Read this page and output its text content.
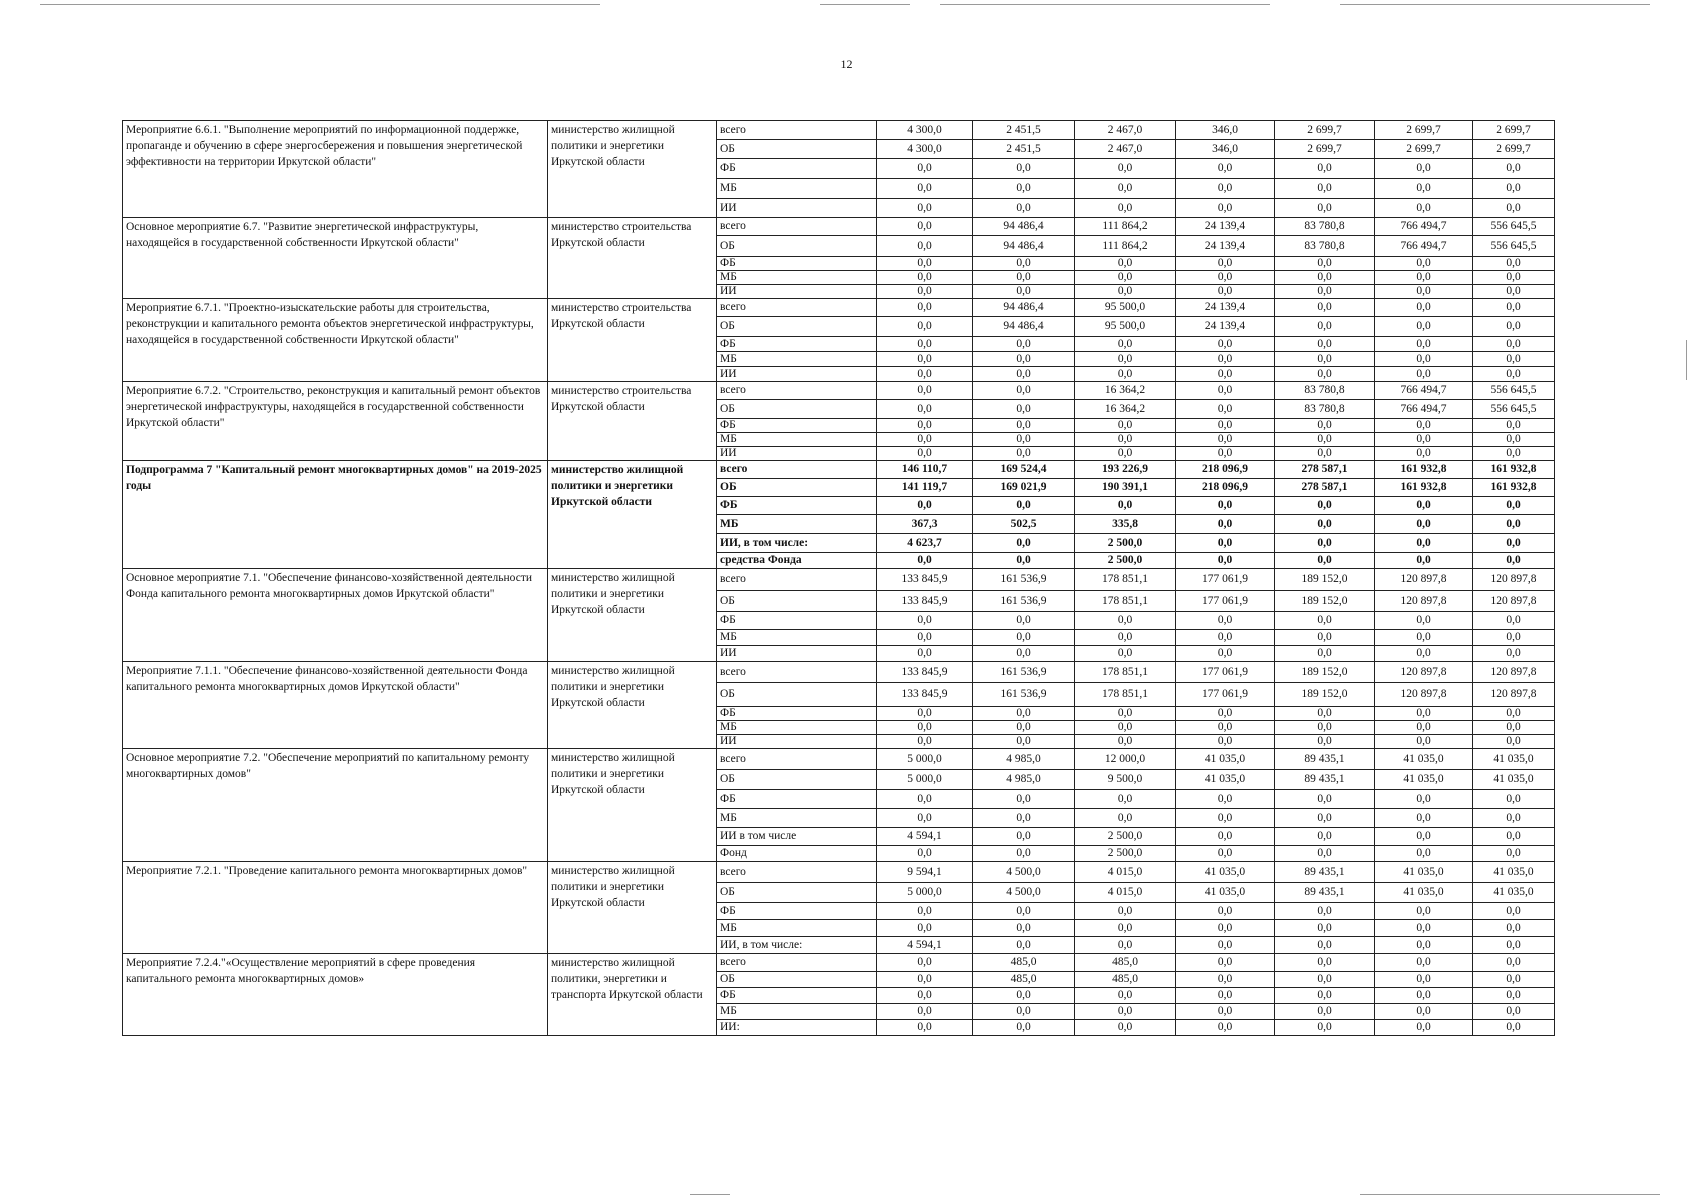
12
Мероприятие 6.6.1. "Выполнение мероприятий по информационной поддержке, пропаганде и обучению в сфере энергосбережения и повышения энергетической эффективности на территории Иркутской области"	министерство жилищной политики и энергетики Иркутской области	всего	4 300,0	2 451,5	2 467,0	346,0	2 699,7	2 699,7	2 699,7
		ОБ	4 300,0	2 451,5	2 467,0	346,0	2 699,7	2 699,7	2 699,7
		ФБ	0,0	0,0	0,0	0,0	0,0	0,0	0,0
		МБ	0,0	0,0	0,0	0,0	0,0	0,0	0,0
		ИИ	0,0	0,0	0,0	0,0	0,0	0,0	0,0
Основное мероприятие 6.7. "Развитие энергетической инфраструктуры, находящейся в государственной собственности Иркутской области"	министерство строительства Иркутской области	всего	0,0	94 486,4	111 864,2	24 139,4	83 780,8	766 494,7	556 645,5
		ОБ	0,0	94 486,4	111 864,2	24 139,4	83 780,8	766 494,7	556 645,5
		ФБ	0,0	0,0	0,0	0,0	0,0	0,0	0,0
		МБ	0,0	0,0	0,0	0,0	0,0	0,0	0,0
		ИИ	0,0	0,0	0,0	0,0	0,0	0,0	0,0
Мероприятие 6.7.1. "Проектно-изыскательские работы для строительства, реконструкции и капитального ремонта объектов энергетической инфраструктуры, находящейся в государственной собственности Иркутской области"	министерство строительства Иркутской области	всего	0,0	94 486,4	95 500,0	24 139,4	0,0	0,0	0,0
		ОБ	0,0	94 486,4	95 500,0	24 139,4	0,0	0,0	0,0
		ФБ	0,0	0,0	0,0	0,0	0,0	0,0	0,0
		МБ	0,0	0,0	0,0	0,0	0,0	0,0	0,0
		ИИ	0,0	0,0	0,0	0,0	0,0	0,0	0,0
Мероприятие 6.7.2. "Строительство, реконструкция и капитальный ремонт объектов энергетической инфраструктуры, находящейся в государственной собственности Иркутской области"	министерство строительства Иркутской области	всего	0,0	0,0	16 364,2	0,0	83 780,8	766 494,7	556 645,5
		ОБ	0,0	0,0	16 364,2	0,0	83 780,8	766 494,7	556 645,5
		ФБ	0,0	0,0	0,0	0,0	0,0	0,0	0,0
		МБ	0,0	0,0	0,0	0,0	0,0	0,0	0,0
		ИИ	0,0	0,0	0,0	0,0	0,0	0,0	0,0
Подпрограмма 7 "Капитальный ремонт многоквартирных домов" на 2019-2025 годы	министерство жилищной политики и энергетики Иркутской области	всего	146 110,7	169 524,4	193 226,9	218 096,9	278 587,1	161 932,8	161 932,8
		ОБ	141 119,7	169 021,9	190 391,1	218 096,9	278 587,1	161 932,8	161 932,8
		ФБ	0,0	0,0	0,0	0,0	0,0	0,0	0,0
		МБ	367,3	502,5	335,8	0,0	0,0	0,0	0,0
		ИИ, в том числе:	4 623,7	0,0	2 500,0	0,0	0,0	0,0	0,0
		средства Фонда	0,0	0,0	2 500,0	0,0	0,0	0,0	0,0
Основное мероприятие 7.1. "Обеспечение финансово-хозяйственной деятельности Фонда капитального ремонта многоквартирных домов Иркутской области"	министерство жилищной политики и энергетики Иркутской области	всего	133 845,9	161 536,9	178 851,1	177 061,9	189 152,0	120 897,8	120 897,8
		ОБ	133 845,9	161 536,9	178 851,1	177 061,9	189 152,0	120 897,8	120 897,8
		ФБ	0,0	0,0	0,0	0,0	0,0	0,0	0,0
		МБ	0,0	0,0	0,0	0,0	0,0	0,0	0,0
		ИИ	0,0	0,0	0,0	0,0	0,0	0,0	0,0
Мероприятие 7.1.1. "Обеспечение финансово-хозяйственной деятельности Фонда капитального ремонта многоквартирных домов Иркутской области"	министерство жилищной политики и энергетики Иркутской области	всего	133 845,9	161 536,9	178 851,1	177 061,9	189 152,0	120 897,8	120 897,8
		ОБ	133 845,9	161 536,9	178 851,1	177 061,9	189 152,0	120 897,8	120 897,8
		ФБ	0,0	0,0	0,0	0,0	0,0	0,0	0,0
		МБ	0,0	0,0	0,0	0,0	0,0	0,0	0,0
		ИИ	0,0	0,0	0,0	0,0	0,0	0,0	0,0
Основное мероприятие 7.2. "Обеспечение мероприятий по капитальному ремонту многоквартирных домов"	министерство жилищной политики и энергетики Иркутской области	всего	5 000,0	4 985,0	12 000,0	41 035,0	89 435,1	41 035,0	41 035,0
		ОБ	5 000,0	4 985,0	9 500,0	41 035,0	89 435,1	41 035,0	41 035,0
		ФБ	0,0	0,0	0,0	0,0	0,0	0,0	0,0
		МБ	0,0	0,0	0,0	0,0	0,0	0,0	0,0
		ИИ в том числе	4 594,1	0,0	2 500,0	0,0	0,0	0,0	0,0
		Фонд	0,0	0,0	2 500,0	0,0	0,0	0,0	0,0
Мероприятие 7.2.1. "Проведение капитального ремонта многоквартирных домов"	министерство жилищной политики и энергетики Иркутской области	всего	9 594,1	4 500,0	4 015,0	41 035,0	89 435,1	41 035,0	41 035,0
		ОБ	5 000,0	4 500,0	4 015,0	41 035,0	89 435,1	41 035,0	41 035,0
		ФБ	0,0	0,0	0,0	0,0	0,0	0,0	0,0
		МБ	0,0	0,0	0,0	0,0	0,0	0,0	0,0
		ИИ, в том числе:	4 594,1	0,0	0,0	0,0	0,0	0,0	0,0
Мероприятие 7.2.4."«Осуществление мероприятий в сфере проведения капитального ремонта многоквартирных домов»	министерство жилищной политики, энергетики и транспорта Иркутской области	всего	0,0	485,0	485,0	0,0	0,0	0,0	0,0
		ОБ	0,0	485,0	485,0	0,0	0,0	0,0	0,0
		ФБ	0,0	0,0	0,0	0,0	0,0	0,0	0,0
		МБ	0,0	0,0	0,0	0,0	0,0	0,0	0,0
		ИИ:	0,0	0,0	0,0	0,0	0,0	0,0	0,0
